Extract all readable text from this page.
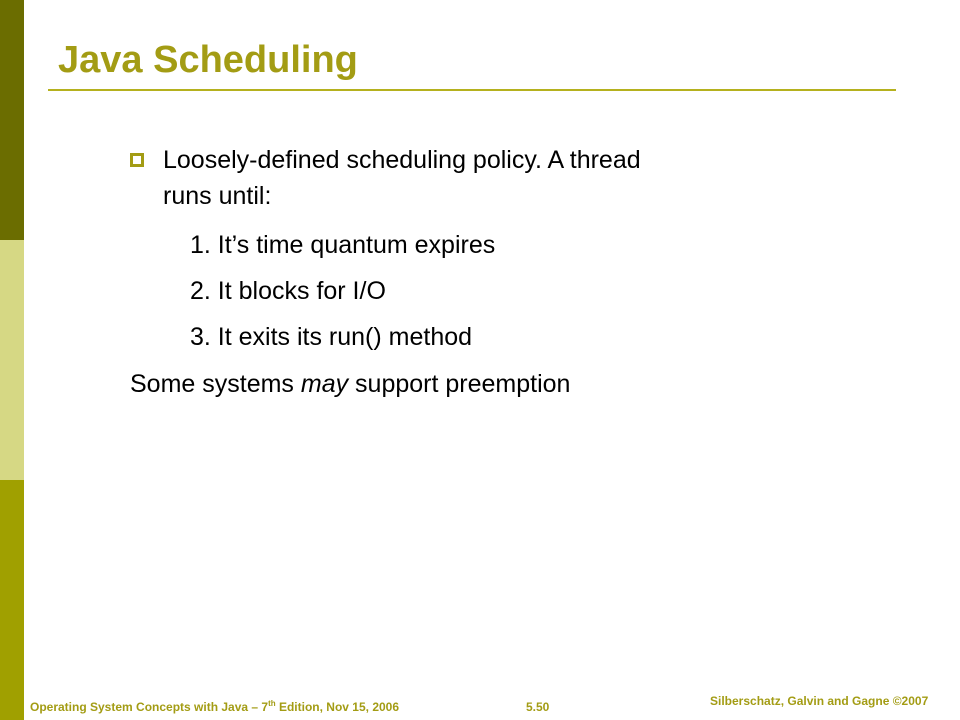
Java Scheduling

Loosely-defined scheduling policy. A thread

runs until:

1. It’s time quantum expires

2. It blocks for I/O

3. It exits its run() method

Some systems may support preemption

Operating System Concepts with Java – 7th Edition, Nov 15, 2006	5.50	Silberschatz, Galvin and Gagne ©2007
